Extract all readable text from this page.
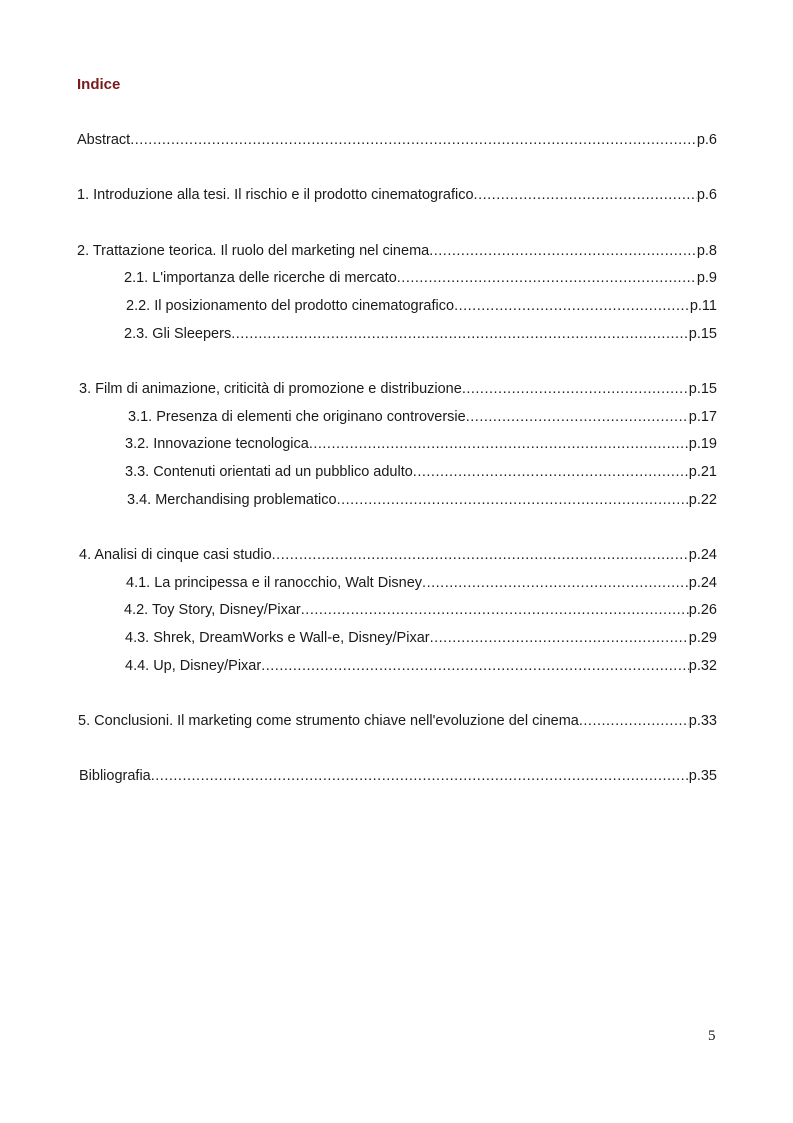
Indice
Abstract .....	p.6
1. Introduzione alla tesi. Il rischio e il prodotto cinematografico .....	p.6
2. Trattazione teorica. Il ruolo del marketing nel cinema .....	p.8
2.1. L'importanza delle ricerche di mercato .....	p.9
2.2. Il posizionamento del prodotto cinematografico .....	p.11
2.3. Gli Sleepers .....	p.15
3. Film di animazione, criticità di promozione e distribuzione .....	p.15
3.1. Presenza di elementi che originano controversie .....	p.17
3.2. Innovazione tecnologica .....	p.19
3.3. Contenuti orientati ad un pubblico adulto .....	p.21
3.4. Merchandising problematico .....	p.22
4. Analisi di cinque casi studio .....	p.24
4.1. La principessa e il ranocchio, Walt Disney .....	p.24
4.2. Toy Story, Disney/Pixar .....	p.26
4.3. Shrek, DreamWorks e Wall-e, Disney/Pixar .....	p.29
4.4. Up, Disney/Pixar .....	p.32
5. Conclusioni. Il marketing come strumento chiave nell'evoluzione del cinema .....	p.33
Bibliografia .....	p.35
5
